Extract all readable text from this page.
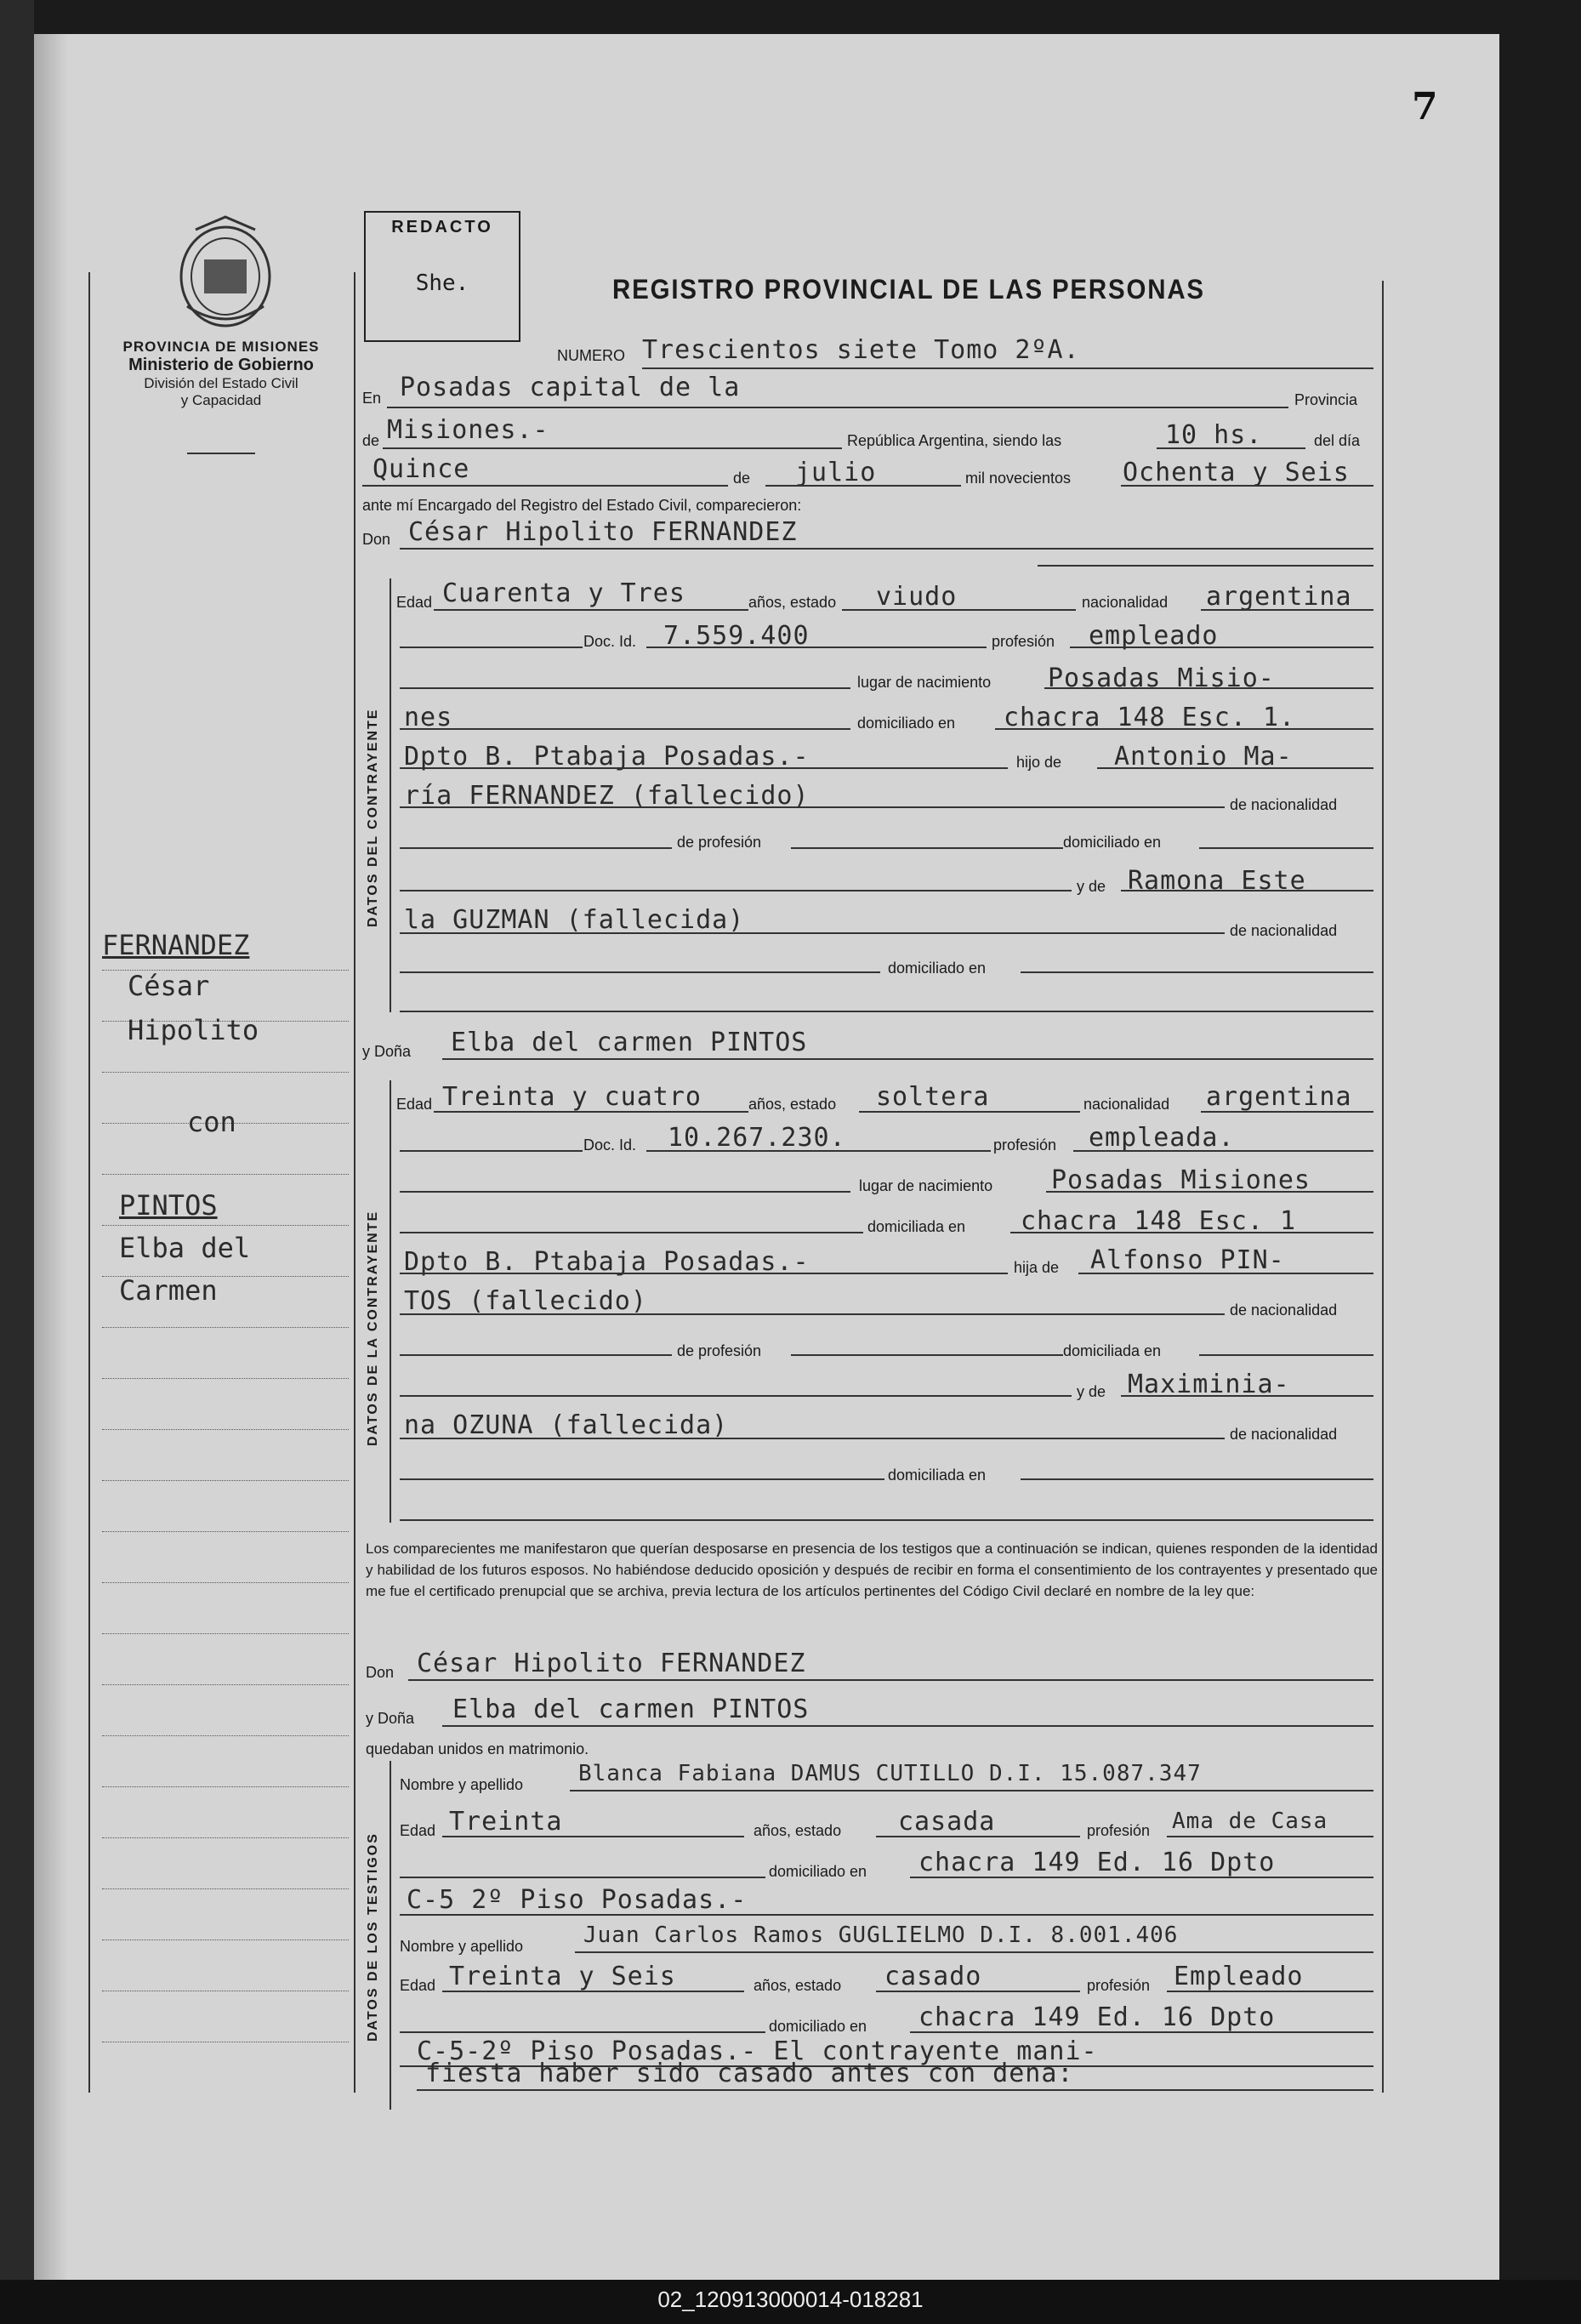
7
REDACTO
She.	REGISTRO PROVINCIAL DE LAS PERSONAS
PROVINCIA DE MISIONES
Ministerio de Gobierno
División del Estado Civil
y Capacidad
FERNANDEZ
César
Hipolito
con
PINTOS
Elba del
Carmen
NUMERO Trescientos siete Tomo 2ºA.
En Posadas capital de la	Provincia
de Misiones.-	República Argentina, siendo las	10 hs.	del día
Quince	de julio	mil novecientos Ochenta y Seis
ante mí Encargado del Registro del Estado Civil, comparecieron:
Don César Hipolito FERNANDEZ
DATOS DEL CONTRAYENTE
Edad Cuarenta y Tres	años, estado viudo	nacionalidad argentina
Doc. Id. 7.559.400	profesión empleado
lugar de nacimiento Posadas Misio-
nes	domiciliado en chacra 148 Esc. 1.
Dpto B. Ptabaja Posadas.-	hijo de Antonio Ma-
ría FERNANDEZ (fallecido)	de nacionalidad
de profesión	domiciliado en
y de Ramona Este
la GUZMAN (fallecida)	de nacionalidad
domiciliado en
y Doña Elba del carmen PINTOS
DATOS DE LA CONTRAYENTE
Edad Treinta y cuatro	años, estado soltera	nacionalidad argentina
Doc. Id. 10.267.230.	profesión empleada.
lugar de nacimiento Posadas Misiones
domiciliada en chacra 148 Esc. 1
Dpto B. Ptabaja Posadas.-	hija de Alfonso PIN-
TOS (fallecido)	de nacionalidad
de profesión	domiciliada en
y de Maximinia-
na OZUNA (fallecida)	de nacionalidad
domiciliada en
Los comparecientes me manifestaron que querían desposarse en presencia de los testigos que a continuación se indican, quienes responden de la identidad y habilidad de los futuros esposos. No habiéndose deducido oposición y después de recibir en forma el consentimiento de los contrayentes y presentado que me fue el certificado prenupcial que se archiva, previa lectura de los artículos pertinentes del Código Civil declaré en nombre de la ley que:
Don César Hipolito FERNANDEZ
y Doña Elba del carmen PINTOS
quedaban unidos en matrimonio.
DATOS DE LOS TESTIGOS
Nombre y apellido Blanca Fabiana DAMUS CUTILLO D.I. 15.087.347
Edad Treinta	años, estado casada	profesión Ama de Casa
domiciliado en chacra 149 Ed. 16 Dpto
C-5 2º Piso Posadas.-
Nombre y apellido	Juan Carlos Ramos GUGLIELMO D.I. 8.001.406
Edad Treinta y Seis	años, estado casado	profesión Empleado
domiciliado en chacra 149 Ed. 16 Dpto
C-5-2º Piso Posadas.- El contrayente mani-
fiesta haber sido casado antes con dena:
02_120913000014-018281
